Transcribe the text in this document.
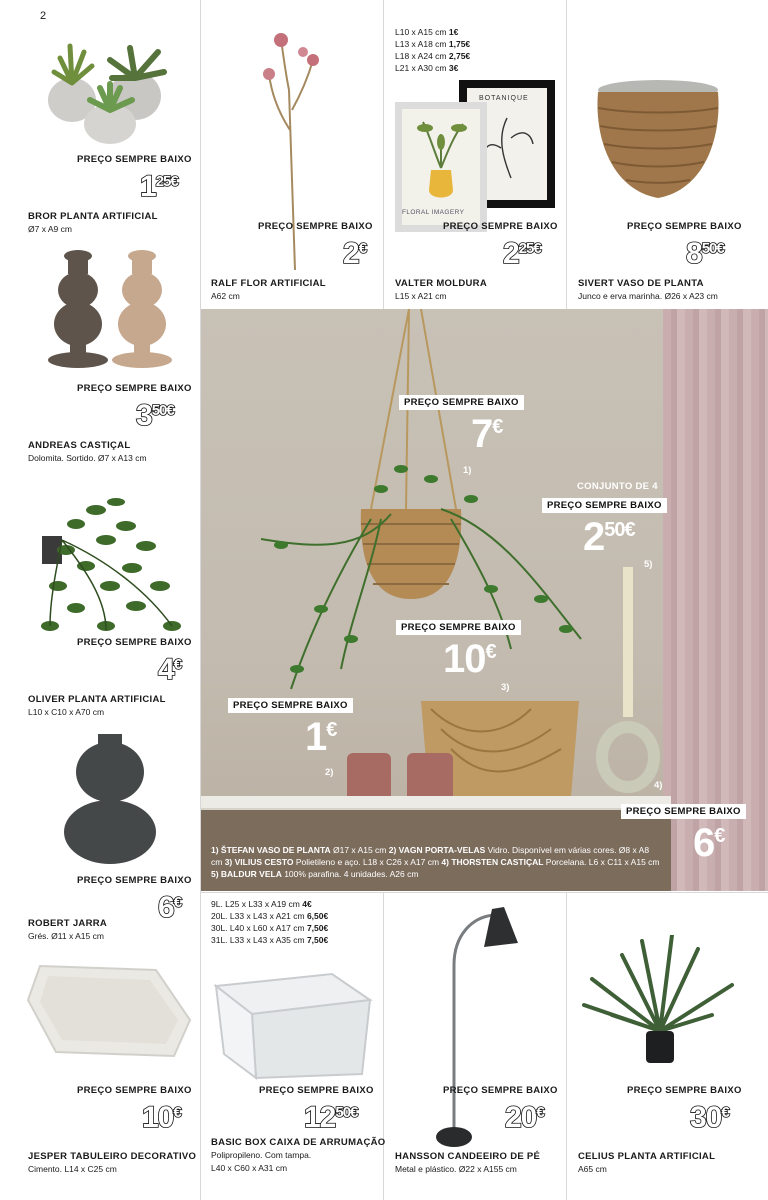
2
PREÇO SEMPRE BAIXO
$1^{25€}$
BROR PLANTA ARTIFICIAL
Ø7 x A9 cm	PREÇO SEMPRE BAIXO
2€
RALF FLOR ARTIFICIAL
A62 cm
L10 x A15 cm 1€
L13 x A18 cm 1,75€
L18 x A24 cm 2,75€
L21 x A30 cm 3€
FLORAL IMAGERY
BOTANIQUE
PREÇO SEMPRE BAIXO
$2^{25€}$
VALTER MOLDURA
L15 x A21 cm
PREÇO SEMPRE BAIXO
$8^{50€}$
SIVERT VASO DE PLANTA
Junco e erva marinha. Ø26 x A23 cm
PREÇO SEMPRE BAIXO
$3^{50€}$
ANDREAS CASTIÇAL
Dolomita. Sortido. Ø7 x A13 cm
PREÇO SEMPRE BAIXO
4€
OLIVER PLANTA ARTIFICIAL
L10 x C10 x A70 cm
PREÇO SEMPRE BAIXO
6€
ROBERT JARRA
Grés. Ø11 x A15 cm
PREÇO SEMPRE BAIXO
10€
JESPER TABULEIRO DECORATIVO
Cimento. L14 x C25 cm
9L. L25 x L33 x A19 cm 4€
20L. L33 x L43 x A21 cm 6,50€
30L. L40 x L60 x A17 cm 7,50€
31L. L33 x L43 x A35 cm 7,50€
PREÇO SEMPRE BAIXO
$12^{50€}$
BASIC BOX CAIXA DE ARRUMAÇÃO
Polipropileno. Com tampa.
L40 x C60 x A31 cm
PREÇO SEMPRE BAIXO
20€
HANSSON CANDEEIRO DE PÉ
Metal e plástico. Ø22 x A155 cm
PREÇO SEMPRE BAIXO
30€
CELIUS PLANTA ARTIFICIAL
A65 cm
PREÇO SEMPRE BAIXO
7€
1)
CONJUNTO DE 4
PREÇO SEMPRE BAIXO
$2^{50€}$
5)
PREÇO SEMPRE BAIXO
10€
3)
PREÇO SEMPRE BAIXO
1€
2)
4)
PREÇO SEMPRE BAIXO
6€
1) ŠTEFAN VASO DE PLANTA Ø17 x A15 cm 2) VAGN PORTA-VELAS Vidro. Disponível em várias cores. Ø8 x A8 cm 3) VILIUS CESTO Polietileno e aço. L18 x C26 x A17 cm 4) THORSTEN CASTIÇAL Porcelana. L6 x C11 x A15 cm 5) BALDUR VELA 100% parafina. 4 unidades. A26 cm
